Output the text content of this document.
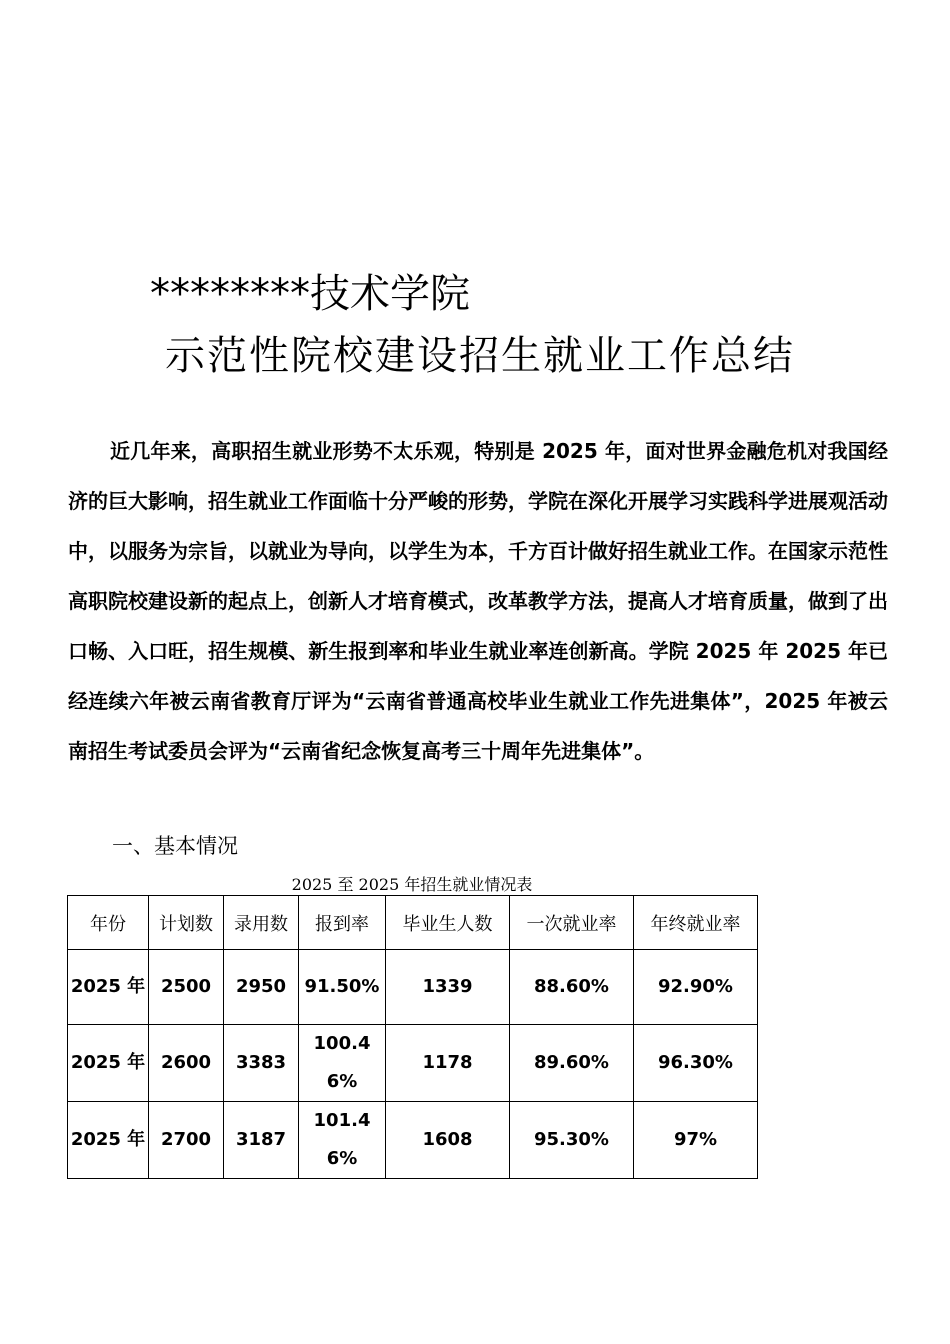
********技术学院
示范性院校建设招生就业工作总结

近几年来，高职招生就业形势不太乐观，特别是 2025 年，面对世界金融危机对我国经济的巨大影响，招生就业工作面临十分严峻的形势，学院在深化开展学习实践科学进展观活动中，以服务为宗旨，以就业为导向，以学生为本，千方百计做好招生就业工作。在国家示范性高职院校建设新的起点上，创新人才培育模式，改革教学方法，提高人才培育质量，做到了出口畅、入口旺，招生规模、新生报到率和毕业生就业率连创新高。学院 2025 年 2025 年已经连续六年被云南省教育厅评为“云南省普通高校毕业生就业工作先进集体”，2025 年被云南招生考试委员会评为“云南省纪念恢复高考三十周年先进集体”。

一、基本情况
2025 至 2025 年招生就业情况表
年份	计划数	录用数	报到率	毕业生人数	一次就业率	年终就业率
2025 年	2500	2950	91.50%	1339	88.60%	92.90%
2025 年	2600	3383	100.46%	1178	89.60%	96.30%
2025 年	2700	3187	101.46%	1608	95.30%	97%
